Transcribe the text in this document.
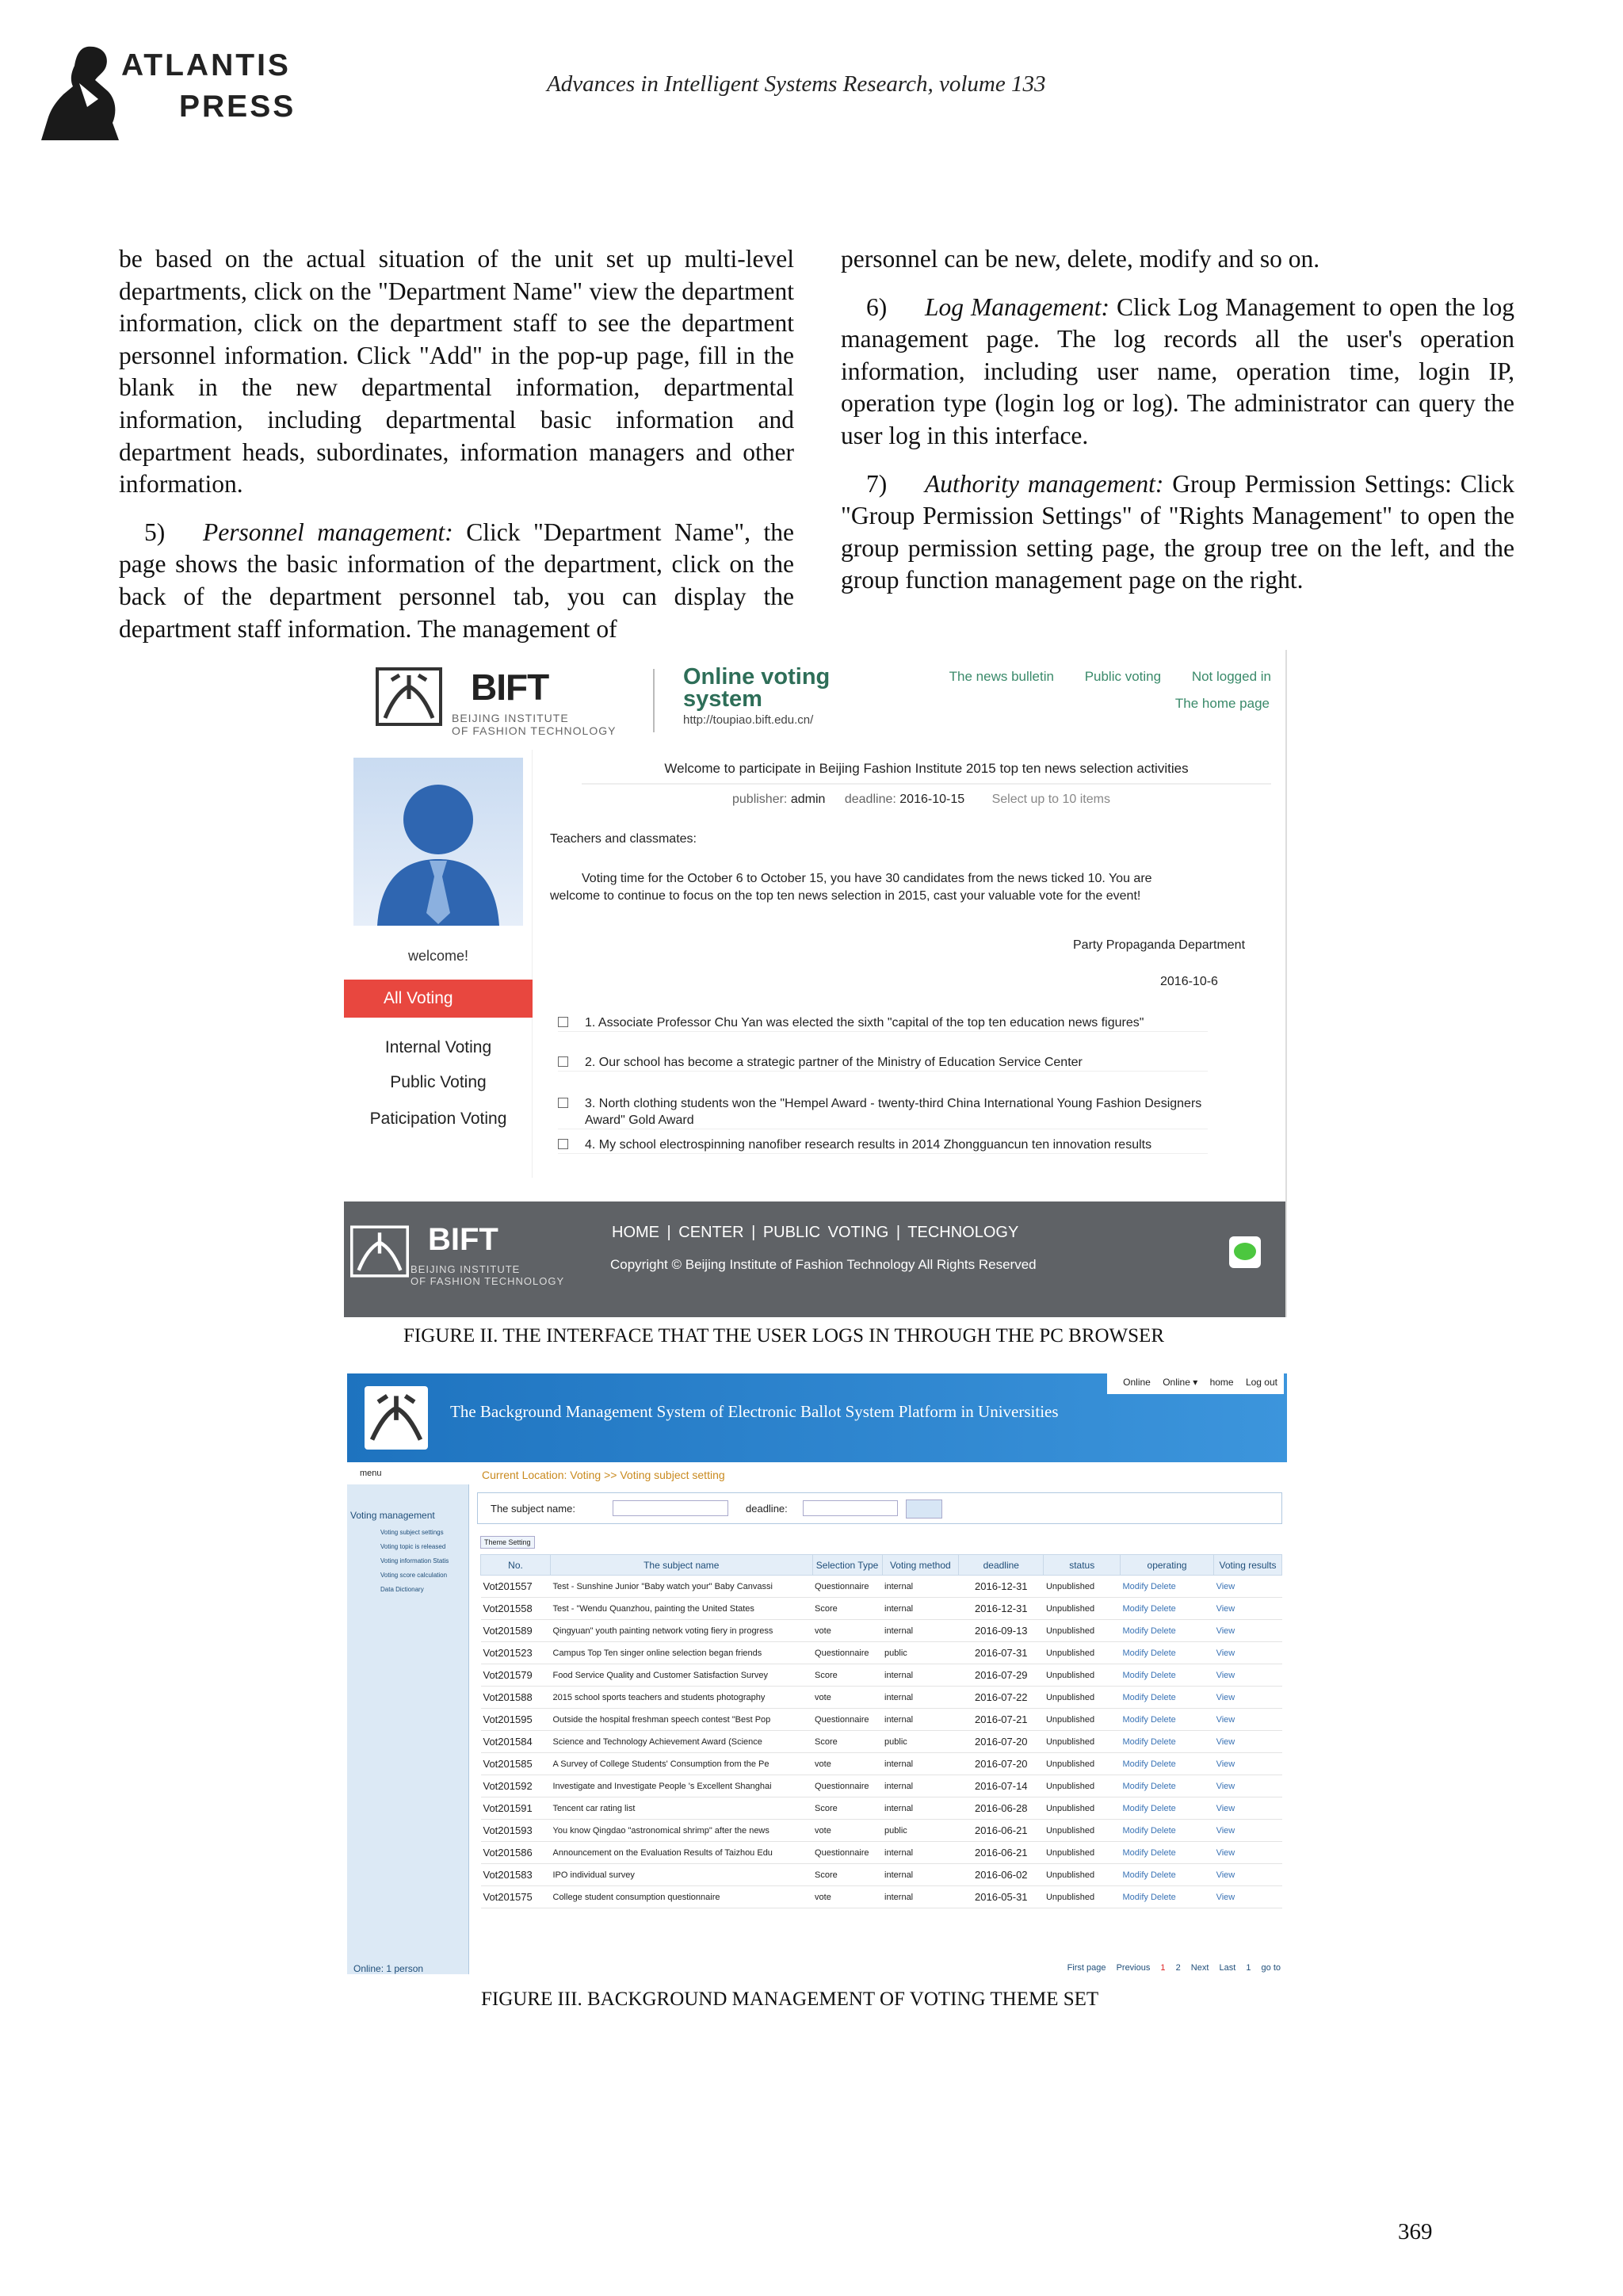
ATLANTIS
PRESS
Advances in Intelligent Systems Research, volume 133

be based on the actual situation of the unit set up multi-level departments, click on the "Department Name" view the department information, click on the department staff to see the department personnel information. Click "Add" in the pop-up page, fill in the blank in the new departmental information, departmental information, including departmental basic information and department heads, subordinates, information managers and other information.

5) Personnel management: Click "Department Name", the page shows the basic information of the department, click on the back of the department personnel tab, you can display the department staff information. The management of

personnel can be new, delete, modify and so on.

6) Log Management: Click Log Management to open the log management page. The log records all the user's operation information, including user name, operation time, login IP, operation type (login log or log). The administrator can query the user log in this interface.

7) Authority management: Group Permission Settings: Click "Group Permission Settings" of "Rights Management" to open the group permission setting page, the group tree on the left, and the group function management page on the right.

BIFT
BEIJING INSTITUTE
OF FASHION TECHNOLOGY
Online voting
system
http://toupiao.bift.edu.cn/
The news bulletin Public voting Not logged in
The home page
welcome!
All Voting
Internal Voting
Public Voting
Paticipation Voting
Welcome to participate in Beijing Fashion Institute 2015 top ten news selection activities
publisher: admin deadline: 2016-10-15 Select up to 10 items
Teachers and classmates:
Voting time for the October 6 to October 15, you have 30 candidates from the news ticked 10. You are welcome to continue to focus on the top ten news selection in 2015, cast your valuable vote for the event!
Party Propaganda Department
2016-10-6
1. Associate Professor Chu Yan was elected the sixth "capital of the top ten education news figures"
2. Our school has become a strategic partner of the Ministry of Education Service Center
3. North clothing students won the "Hempel Award - twenty-third China International Young Fashion Designers Award" Gold Award
4. My school electrospinning nanofiber research results in 2014 Zhongguancun ten innovation results
BIFT
BEIJING INSTITUTE
OF FASHION TECHNOLOGY
HOME | CENTER | PUBLIC VOTING | TECHNOLOGY
Copyright © Beijing Institute of Fashion Technology All Rights Reserved
FIGURE II. THE INTERFACE THAT THE USER LOGS IN THROUGH THE PC BROWSER
The Background Management System of Electronic Ballot System Platform in Universities
Online Online ▾ home Log out
menu
Voting management
Voting subject settings
Voting topic is released
Voting information Statis
Voting score calculation
Data Dictionary
Online: 1 person
Current Location: Voting >> Voting subject setting
The subject name:	deadline:
Theme Setting
No.	The subject name	Selection Type	Voting method	deadline	status	operating	Voting results
Vot201557	Test - Sunshine Junior "Baby watch your" Baby Canvassi	Questionnaire	internal	2016-12-31	Unpublished	Modify Delete	View
Vot201558	Test - "Wendu Quanzhou, painting the United States	Score	internal	2016-12-31	Unpublished	Modify Delete	View
Vot201589	Qingyuan" youth painting network voting fiery in progress	vote	internal	2016-09-13	Unpublished	Modify Delete	View
Vot201523	Campus Top Ten singer online selection began friends	Questionnaire	public	2016-07-31	Unpublished	Modify Delete	View
Vot201579	Food Service Quality and Customer Satisfaction Survey	Score	internal	2016-07-29	Unpublished	Modify Delete	View
Vot201588	2015 school sports teachers and students photography	vote	internal	2016-07-22	Unpublished	Modify Delete	View
Vot201595	Outside the hospital freshman speech contest "Best Pop	Questionnaire	internal	2016-07-21	Unpublished	Modify Delete	View
Vot201584	Science and Technology Achievement Award (Science	Score	public	2016-07-20	Unpublished	Modify Delete	View
Vot201585	A Survey of College Students' Consumption from the Pe	vote	internal	2016-07-20	Unpublished	Modify Delete	View
Vot201592	Investigate and Investigate People 's Excellent Shanghai	Questionnaire	internal	2016-07-14	Unpublished	Modify Delete	View
Vot201591	Tencent car rating list	Score	internal	2016-06-28	Unpublished	Modify Delete	View
Vot201593	You know Qingdao "astronomical shrimp" after the news	vote	public	2016-06-21	Unpublished	Modify Delete	View
Vot201586	Announcement on the Evaluation Results of Taizhou Edu	Questionnaire	internal	2016-06-21	Unpublished	Modify Delete	View
Vot201583	IPO individual survey	Score	internal	2016-06-02	Unpublished	Modify Delete	View
Vot201575	College student consumption questionnaire	vote	internal	2016-05-31	Unpublished	Modify Delete	View
First page Previous 1 2 Next Last 1 go to
FIGURE III. BACKGROUND MANAGEMENT OF VOTING THEME SET
369
